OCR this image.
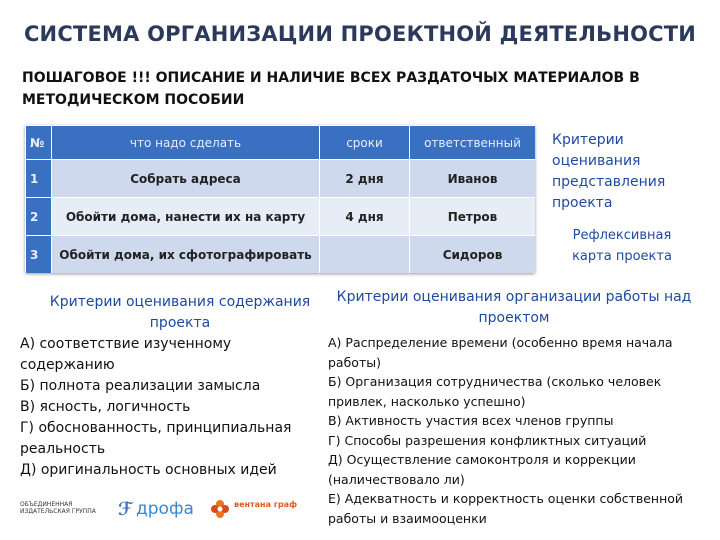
СИСТЕМА ОРГАНИЗАЦИИ ПРОЕКТНОЙ ДЕЯТЕЛЬНОСТИ
ПОШАГОВОЕ !!! ОПИСАНИЕ И НАЛИЧИЕ ВСЕХ РАЗДАТОЧЫХ МАТЕРИАЛОВ В МЕТОДИЧЕСКОМ ПОСОБИИ
№	что надо сделать	сроки	ответственный
1	Собрать адреса	2 дня	Иванов
2	Обойти дома, нанести их на карту	4 дня	Петров
3	Обойти дома, их сфотографировать		Сидоров
Критерии оценивания представления проекта
Рефлексивная карта проекта
Критерии оценивания содержания проекта
А) соответствие изученному содержанию
Б) полнота реализации замысла
В) ясность, логичность
Г) обоснованность, принципиальная реальность
Д) оригинальность основных идей
Критерии оценивания организации работы над проектом
А) Распределение времени (особенно время начала работы)
Б) Организация сотрудничества (сколько человек привлек, насколько успешно)
В) Активность участия всех членов группы
Г) Способы разрешения конфликтных ситуаций
Д) Осуществление самоконтроля и коррекции (наличествовало ли)
Е) Адекватность и корректность оценки собственной работы и взаимооценки
ОБЪЕДИНЕННАЯ ИЗДАТЕЛЬСКАЯ ГРУППА ℱ дрофа	вентана граф
